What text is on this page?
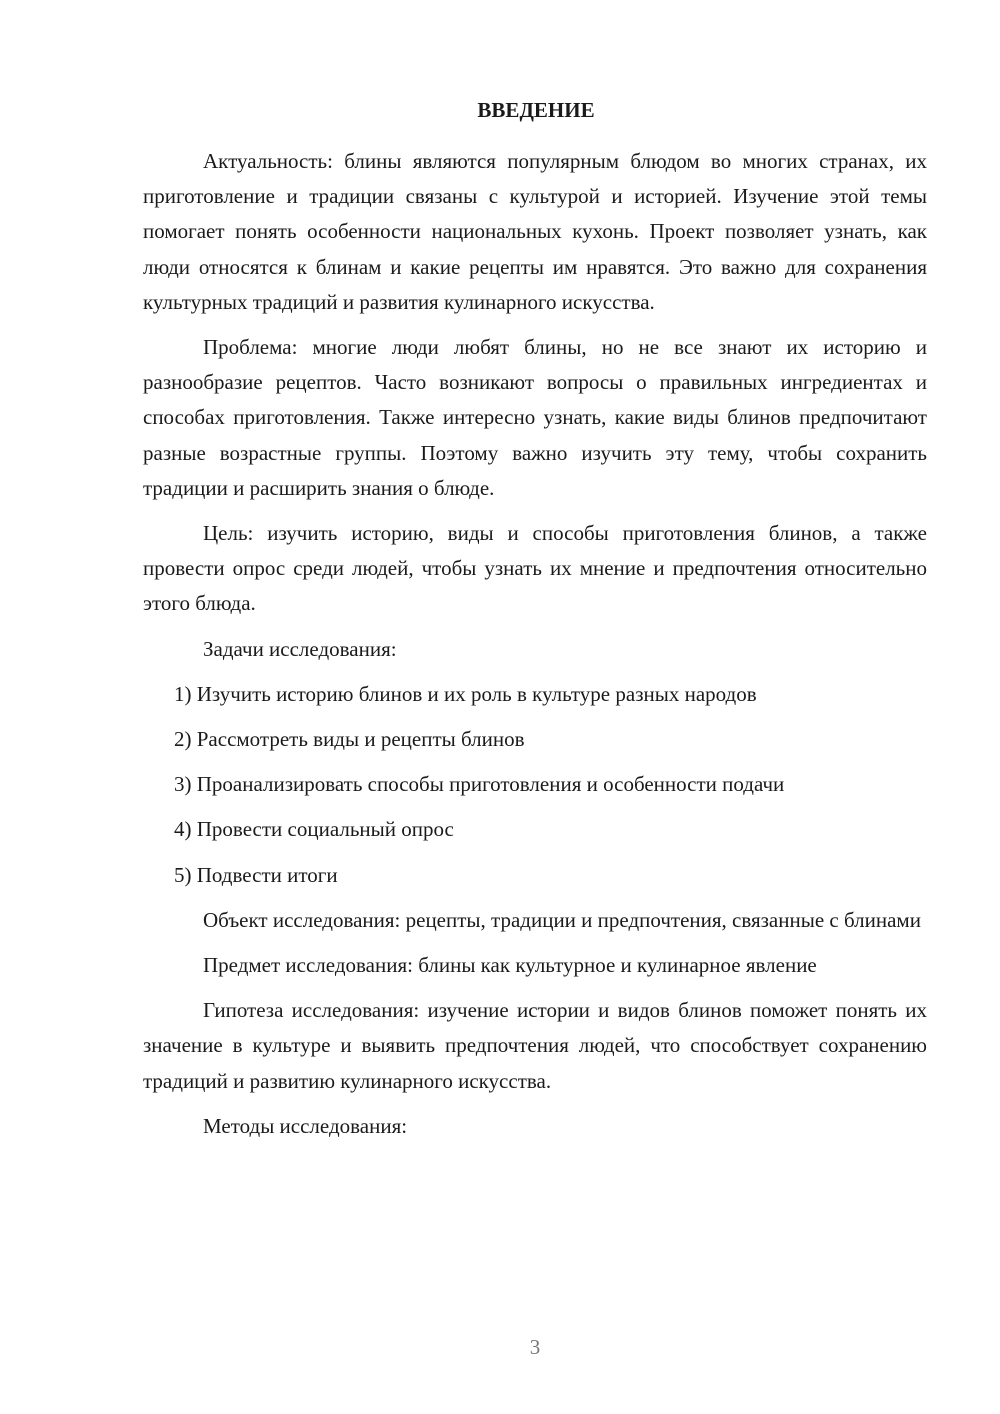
ВВЕДЕНИЕ
Актуальность: блины являются популярным блюдом во многих странах, их приготовление и традиции связаны с культурой и историей. Изучение этой темы помогает понять особенности национальных кухонь. Проект позволяет узнать, как люди относятся к блинам и какие рецепты им нравятся. Это важно для сохранения культурных традиций и развития кулинарного искусства.
Проблема: многие люди любят блины, но не все знают их историю и разнообразие рецептов. Часто возникают вопросы о правильных ингредиентах и способах приготовления. Также интересно узнать, какие виды блинов предпочитают разные возрастные группы. Поэтому важно изучить эту тему, чтобы сохранить традиции и расширить знания о блюде.
Цель: изучить историю, виды и способы приготовления блинов, а также провести опрос среди людей, чтобы узнать их мнение и предпочтения относительно этого блюда.
Задачи исследования:
1) Изучить историю блинов и их роль в культуре разных народов
2) Рассмотреть виды и рецепты блинов
3) Проанализировать способы приготовления и особенности подачи
4) Провести социальный опрос
5) Подвести итоги
Объект исследования: рецепты, традиции и предпочтения, связанные с блинами
Предмет исследования: блины как культурное и кулинарное явление
Гипотеза исследования: изучение истории и видов блинов поможет понять их значение в культуре и выявить предпочтения людей, что способствует сохранению традиций и развитию кулинарного искусства.
Методы исследования:
3
